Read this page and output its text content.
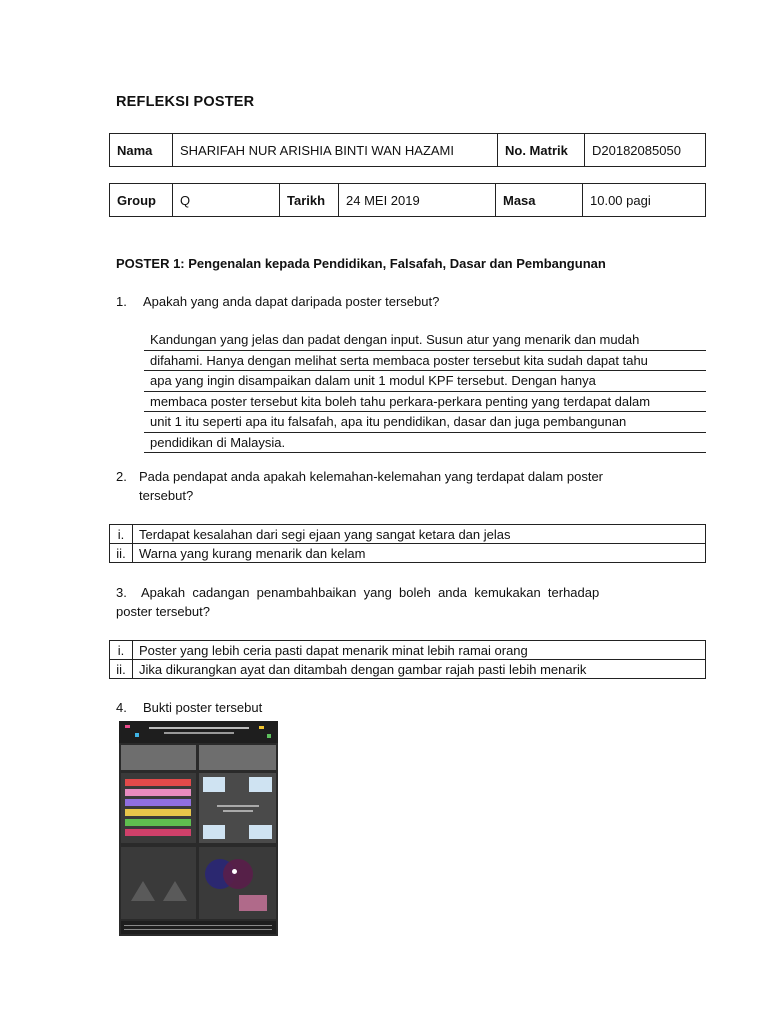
REFLEKSI POSTER
Nama	SHARIFAH NUR ARISHIA BINTI WAN HAZAMI	No. Matrik	D20182085050
Group	Q	Tarikh	24 MEI 2019	Masa	10.00 pagi
POSTER 1: Pengenalan kepada Pendidikan, Falsafah, Dasar dan Pembangunan
1. Apakah yang anda dapat daripada poster tersebut?
Kandungan yang jelas dan padat dengan input. Susun atur yang menarik dan mudah
difahami. Hanya dengan melihat serta membaca poster tersebut kita sudah dapat tahu
apa yang ingin disampaikan dalam unit 1 modul KPF tersebut. Dengan hanya
membaca poster tersebut kita boleh tahu perkara-perkara penting yang terdapat dalam
unit 1 itu seperti apa itu falsafah, apa itu pendidikan, dasar dan juga pembangunan
pendidikan di Malaysia.
2. Pada pendapat anda apakah kelemahan-kelemahan yang terdapat dalam poster
tersebut?
i.	Terdapat kesalahan dari segi ejaan yang sangat ketara dan jelas
ii.	Warna yang kurang menarik dan kelam
3. Apakah  cadangan  penambahbaikan  yang  boleh  anda  kemukakan  terhadap
poster tersebut?
i.	Poster yang lebih ceria pasti dapat menarik minat lebih ramai orang
ii.	Jika dikurangkan ayat dan ditambah dengan gambar rajah pasti lebih menarik
4. Bukti poster tersebut
